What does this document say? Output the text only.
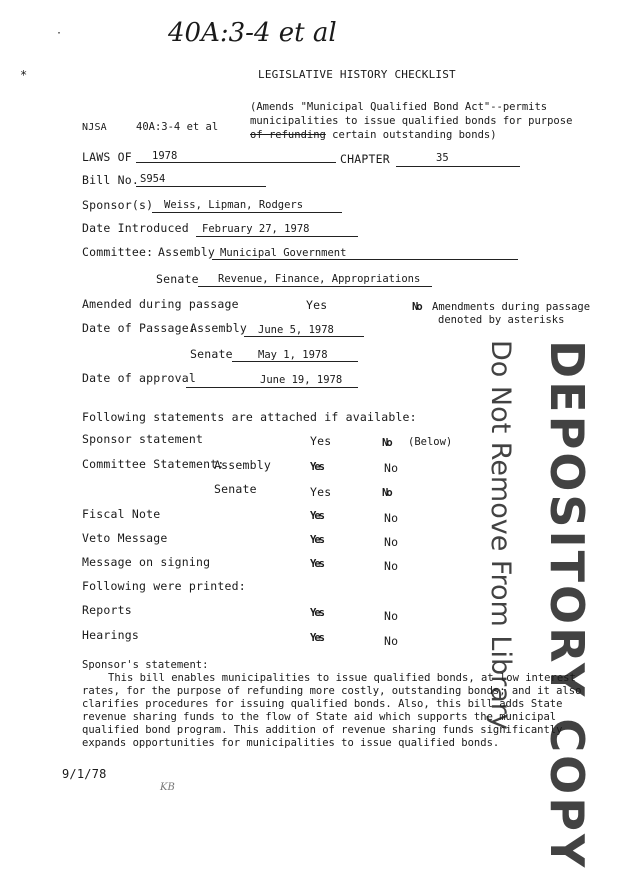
40A:3-4 et al
·
*	LEGISLATIVE HISTORY CHECKLIST
(Amends "Municipal Qualified Bond Act"--permits
municipalities to issue qualified bonds for purpose
of refunding certain outstanding bonds)
NJSA	40A:3-4 et al
LAWS OF 1978	CHAPTER	35
Bill No. S954
Sponsor(s) Weiss, Lipman, Rodgers
Date Introduced February 27, 1978
Committee: Assembly Municipal Government
Senate Revenue, Finance, Appropriations
Amended during passage	Yes	No Amendments during passage
denoted by asterisks
Date of Passage:
Assembly June 5, 1978
Senate May 1, 1978
Date of approval	June 19, 1978
Following statements are attached if available:
Sponsor statement	Yes	No (Below)
Committee Statement:
Assembly	Yes	No
Senate	Yes	No
Fiscal Note	Yes	No
Veto Message	Yes	No
Message on signing	Yes	No
Following were printed:
Reports	Yes	No
Hearings	Yes	No	DEPOSITORY COPY
Do Not Remove From Library
Sponsor's statement:
This bill enables municipalities to issue qualified bonds, at low interest
rates, for the purpose of refunding more costly, outstanding bonds; and it also
clarifies procedures for issuing qualified bonds. Also, this bill adds State
revenue sharing funds to the flow of State aid which supports the municipal
qualified bond program. This addition of revenue sharing funds significantly
expands opportunities for municipalities to issue qualified bonds.
9/1/78
KB
